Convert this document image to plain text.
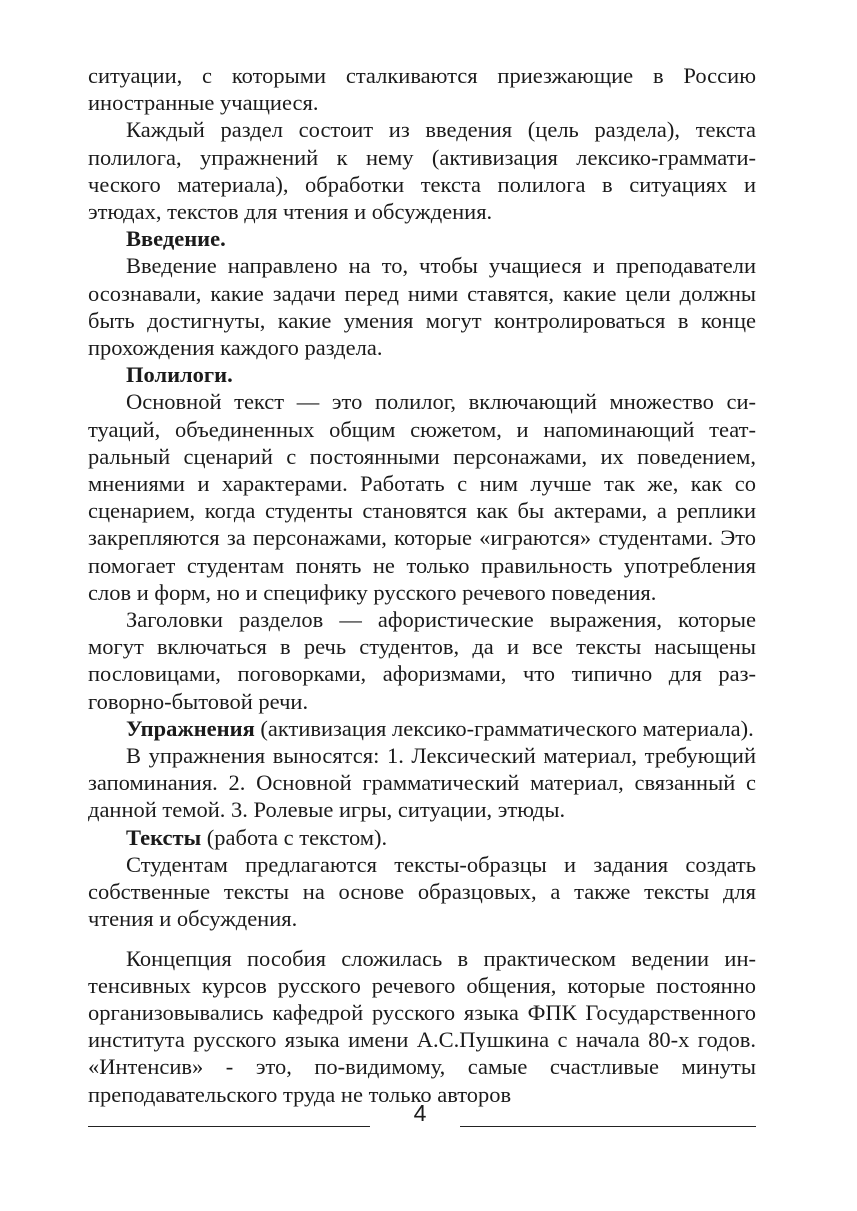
ситуации, с которыми сталкиваются приезжающие в Россию иностранные учащиеся.

Каждый раздел состоит из введения (цель раздела), текста полилога, упражнений к нему (активизация лексико-грамматического материала), обработки текста полилога в ситуациях и этюдах, текстов для чтения и обсуждения.

Введение.

Введение направлено на то, чтобы учащиеся и преподаватели осознавали, какие задачи перед ними ставятся, какие цели должны быть достигнуты, какие умения могут контролироваться в конце прохождения каждого раздела.

Полилоги.

Основной текст — это полилог, включающий множество ситуаций, объединенных общим сюжетом, и напоминающий театральный сценарий с постоянными персонажами, их поведением, мнениями и характерами. Работать с ним лучше так же, как со сценарием, когда студенты становятся как бы актерами, а реплики закрепляются за персонажами, которые «играются» студентами. Это помогает студентам понять не только правильность употребления слов и форм, но и специфику русского речевого поведения.

Заголовки разделов — афористические выражения, которые могут включаться в речь студентов, да и все тексты насыщены пословицами, поговорками, афоризмами, что типично для разговорно-бытовой речи.

Упражнения (активизация лексико-грамматического материала).

В упражнения выносятся: 1. Лексический материал, требующий запоминания. 2. Основной грамматический материал, связанный с данной темой. 3. Ролевые игры, ситуации, этюды.

Тексты (работа с текстом).

Студентам предлагаются тексты-образцы и задания создать собственные тексты на основе образцовых, а также тексты для чтения и обсуждения.

Концепция пособия сложилась в практическом ведении интенсивных курсов русского речевого общения, которые постоянно организовывались кафедрой русского языка ФПК Государственного института русского языка имени А.С.Пушкина с начала 80-х годов. «Интенсив» - это, по-видимому, самые счастливые минуты преподавательского труда не только авторов

4
